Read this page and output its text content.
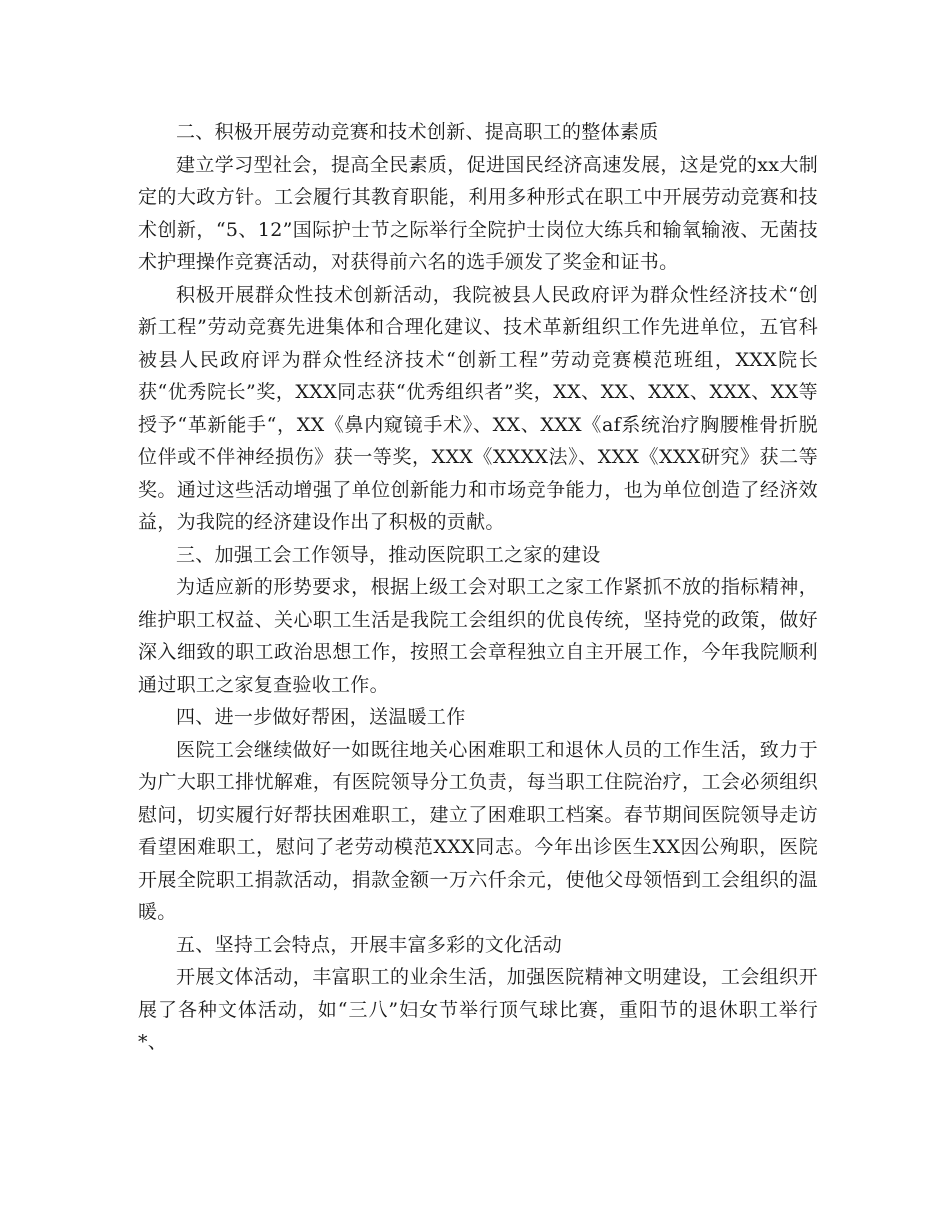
二、积极开展劳动竞赛和技术创新、提高职工的整体素质

建立学习型社会，提高全民素质，促进国民经济高速发展，这是党的xx大制定的大政方针。工会履行其教育职能，利用多种形式在职工中开展劳动竞赛和技术创新，“5、12”国际护士节之际举行全院护士岗位大练兵和输氧输液、无菌技术护理操作竞赛活动，对获得前六名的选手颁发了奖金和证书。

积极开展群众性技术创新活动，我院被县人民政府评为群众性经济技术“创新工程”劳动竞赛先进集体和合理化建议、技术革新组织工作先进单位，五官科被县人民政府评为群众性经济技术“创新工程”劳动竞赛模范班组，XXX院长获“优秀院长”奖，XXX同志获“优秀组织者”奖，XX、XX、XXX、XXX、XX等授予“革新能手“，XX《鼻内窥镜手术》、XX、XXX《af系统治疗胸腰椎骨折脱位伴或不伴神经损伤》获一等奖，XXX《XXXX法》、XXX《XXX研究》获二等奖。通过这些活动增强了单位创新能力和市场竞争能力，也为单位创造了经济效益，为我院的经济建设作出了积极的贡献。

三、加强工会工作领导，推动医院职工之家的建设

为适应新的形势要求，根据上级工会对职工之家工作紧抓不放的指标精神，维护职工权益、关心职工生活是我院工会组织的优良传统，坚持党的政策，做好深入细致的职工政治思想工作，按照工会章程独立自主开展工作，今年我院顺利通过职工之家复查验收工作。

四、进一步做好帮困，送温暖工作

医院工会继续做好一如既往地关心困难职工和退休人员的工作生活，致力于为广大职工排忧解难，有医院领导分工负责，每当职工住院治疗，工会必须组织慰问，切实履行好帮扶困难职工，建立了困难职工档案。春节期间医院领导走访看望困难职工，慰问了老劳动模范XXX同志。今年出诊医生XX因公殉职，医院开展全院职工捐款活动，捐款金额一万六仟余元，使他父母领悟到工会组织的温暖。

五、坚持工会特点，开展丰富多彩的文化活动

开展文体活动，丰富职工的业余生活，加强医院精神文明建设，工会组织开展了各种文体活动，如“三八”妇女节举行顶气球比赛，重阳节的退休职工举行*、
